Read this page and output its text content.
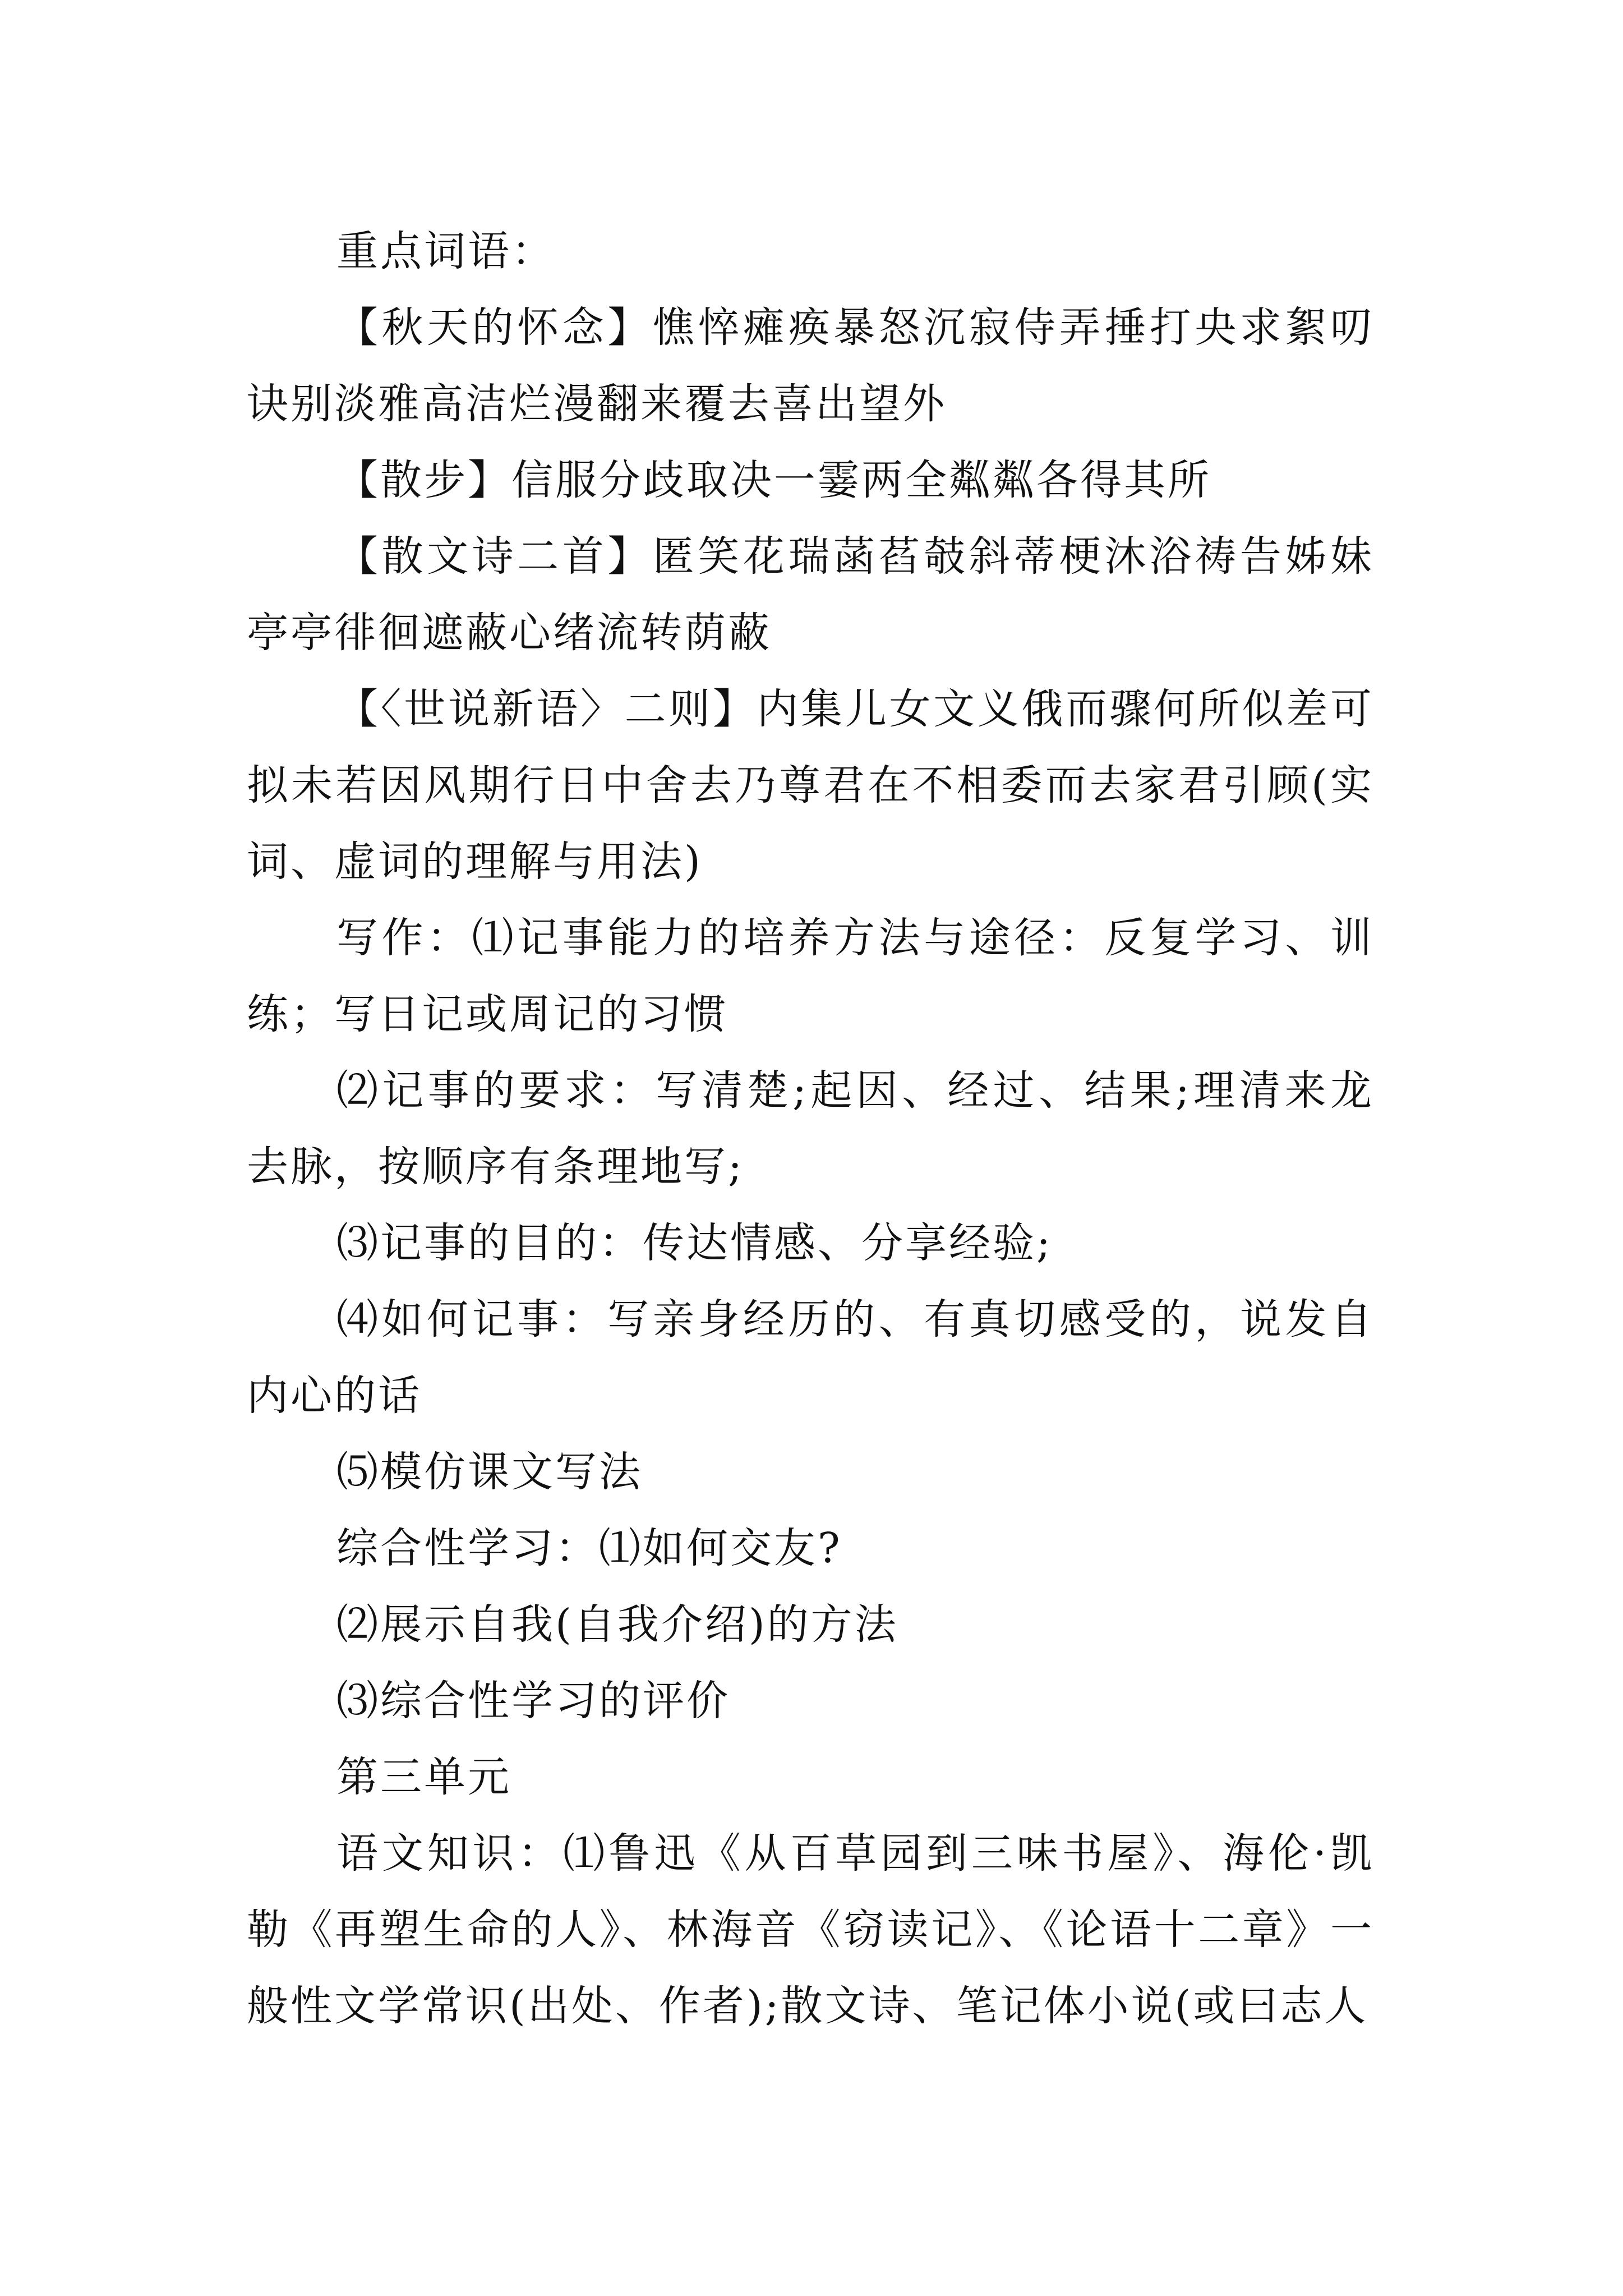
重点词语：

【秋天的怀念】憔悴瘫痪暴怒沉寂侍弄捶打央求絮叨诀别淡雅高洁烂漫翻来覆去喜出望外

【散步】信服分歧取决一霎两全粼粼各得其所

【散文诗二首】匿笑花瑞菡萏攲斜蒂梗沐浴祷告姊妹亭亭徘徊遮蔽心绪流转荫蔽

【〈世说新语〉二则】内集儿女文义俄而骤何所似差可拟未若因风期行日中舍去乃尊君在不相委而去家君引顾(实词、虚词的理解与用法)

写作：⑴记事能力的培养方法与途径：反复学习、训练；写日记或周记的习惯

⑵记事的要求：写清楚;起因、经过、结果;理清来龙去脉，按顺序有条理地写;

⑶记事的目的：传达情感、分享经验;

⑷如何记事：写亲身经历的、有真切感受的，说发自内心的话

⑸模仿课文写法

综合性学习：⑴如何交友?

⑵展示自我(自我介绍)的方法

⑶综合性学习的评价

第三单元

语文知识：⑴鲁迅《从百草园到三味书屋》、海伦·凯勒《再塑生命的人》、林海音《窃读记》、《论语十二章》一般性文学常识(出处、作者);散文诗、笔记体小说(或曰志人
